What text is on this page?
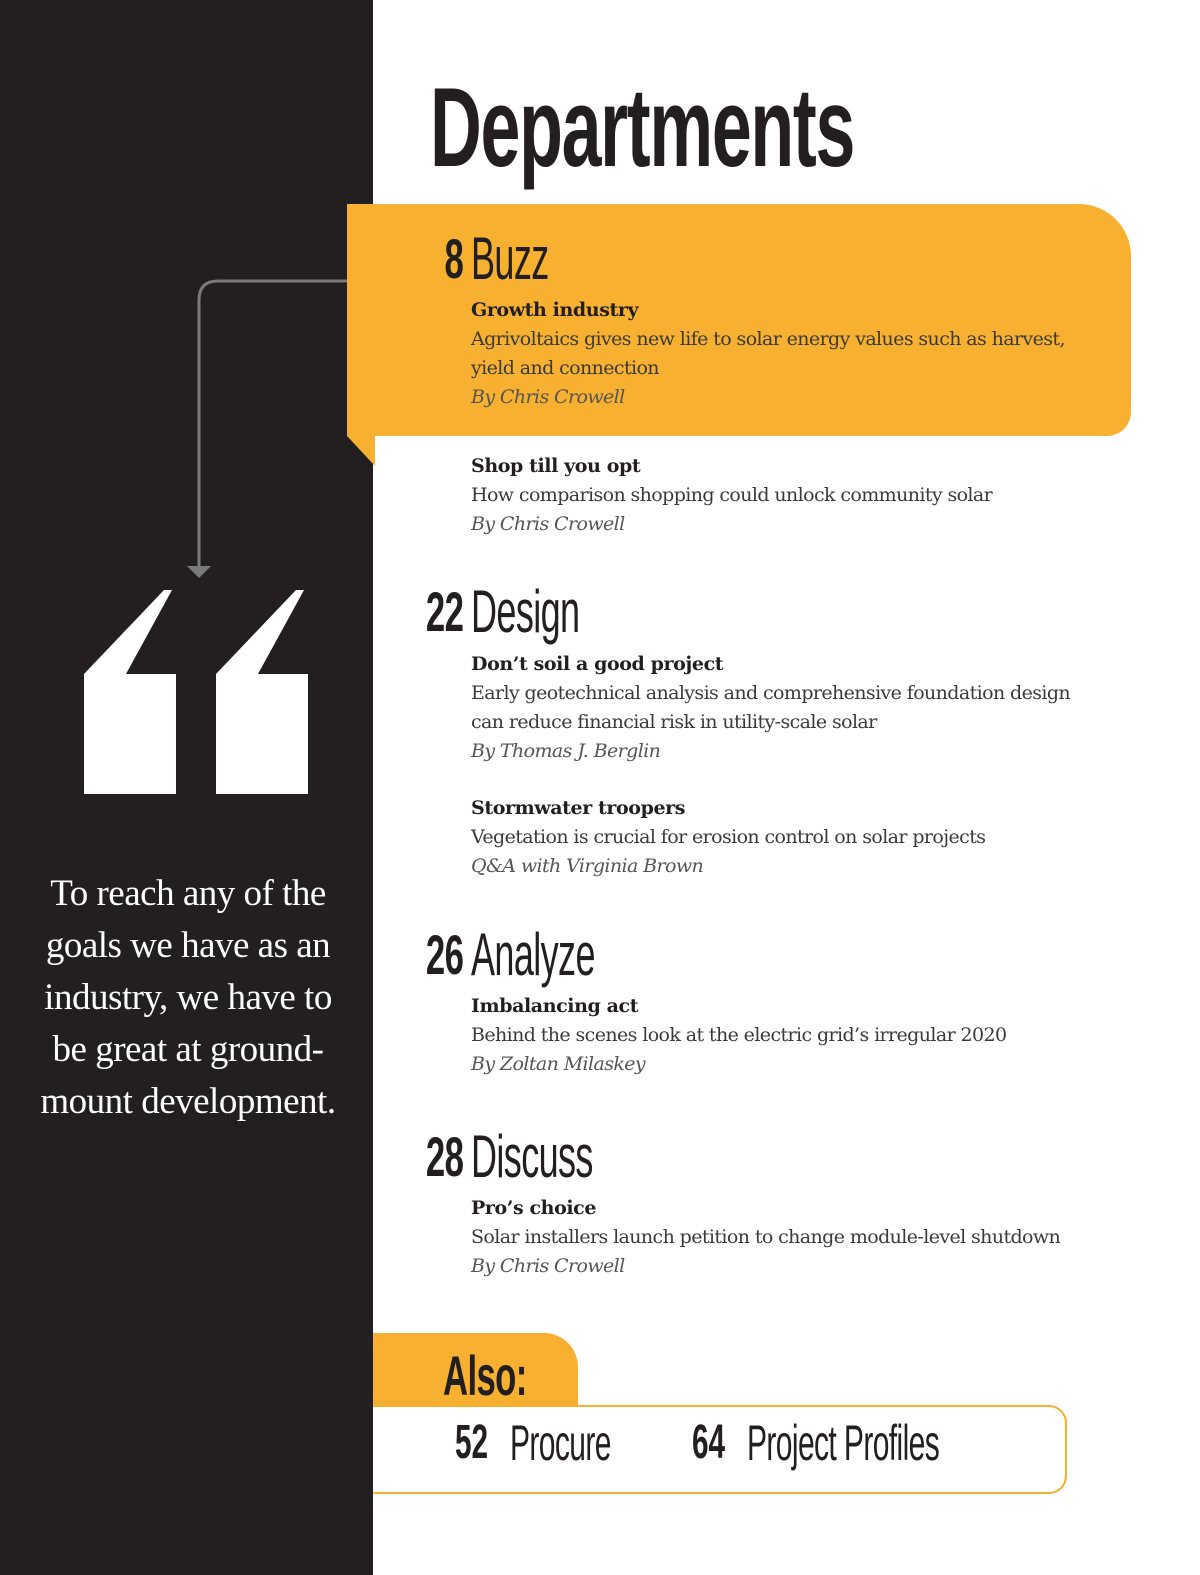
To reach any of the goals we have as an industry, we have to be great at ground-mount development.
Departments
8 Buzz
Growth industry
Agrivoltaics gives new life to solar energy values such as harvest, yield and connection
By Chris Crowell
Shop till you opt
How comparison shopping could unlock community solar
By Chris Crowell
22 Design
Don’t soil a good project
Early geotechnical analysis and comprehensive foundation design can reduce financial risk in utility-scale solar
By Thomas J. Berglin
Stormwater troopers
Vegetation is crucial for erosion control on solar projects
Q&A with Virginia Brown
26 Analyze
Imbalancing act
Behind the scenes look at the electric grid’s irregular 2020
By Zoltan Milaskey
28 Discuss
Pro’s choice
Solar installers launch petition to change module-level shutdown
By Chris Crowell
Also:
52 Procure 64 Project Profiles
